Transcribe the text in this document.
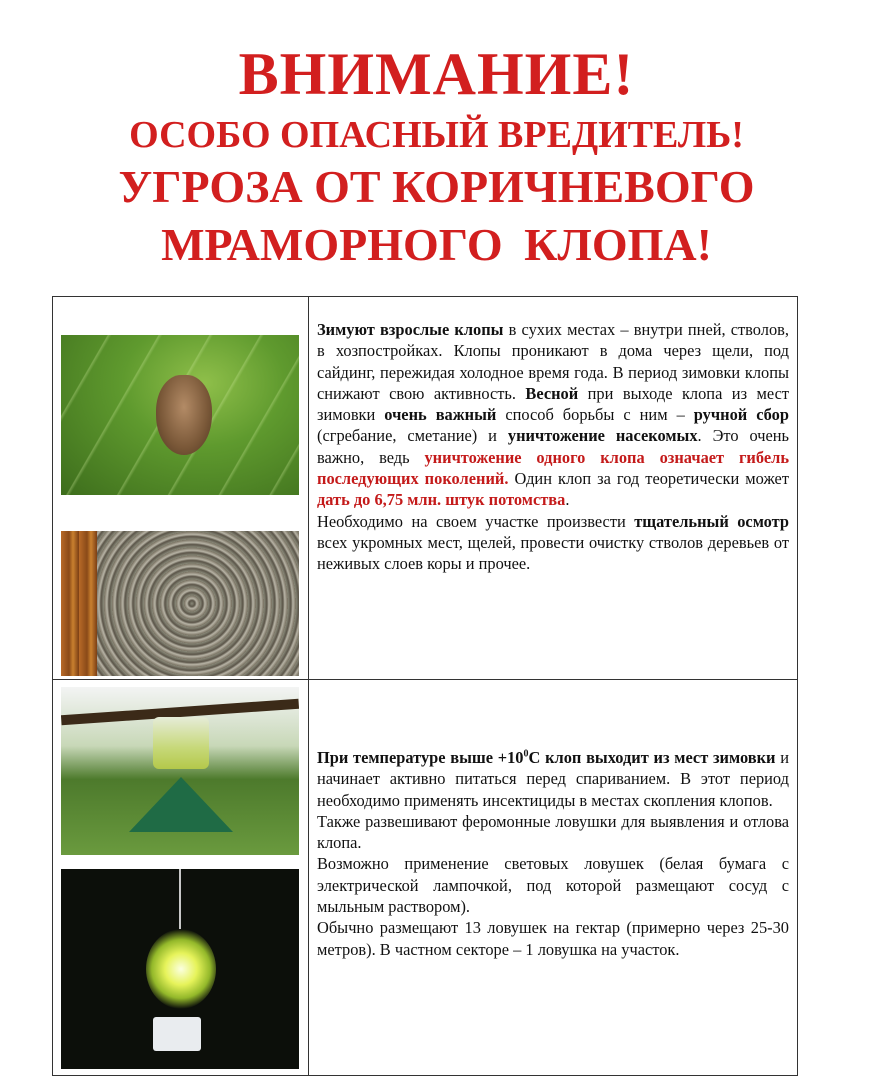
ВНИМАНИЕ!
ОСОБО ОПАСНЫЙ ВРЕДИТЕЛЬ!
УГРОЗА ОТ КОРИЧНЕВОГО
МРАМОРНОГО КЛОПА!

Зимуют взрослые клопы в сухих местах – внутри пней, стволов, в хозпостройках. Клопы проникают в дома через щели, под сайдинг, пережидая холодное время года. В период зимовки клопы снижают свою активность. Весной при выходе клопа из мест зимовки очень важный способ борьбы с ним – ручной сбор (сгребание, сметание) и уничтожение насекомых. Это очень важно, ведь уничтожение одного клопа означает гибель последующих поколений. Один клоп за год теоретически может дать до 6,75 млн. штук потомства.

Необходимо на своем участке произвести тщательный осмотр всех укромных мест, щелей, провести очистку стволов деревьев от неживых слоев коры и прочее.

При температуре выше $+10^0С$ клоп выходит из мест зимовки и начинает активно питаться перед спариванием. В этот период необходимо применять инсектициды в местах скопления клопов.

Также развешивают феромонные ловушки для выявления и отлова клопа.

Возможно применение световых ловушек (белая бумага с электрической лампочкой, под которой размещают сосуд с мыльным раствором).

Обычно размещают 13 ловушек на гектар (примерно через 25-30 метров). В частном секторе – 1 ловушка на участок.
